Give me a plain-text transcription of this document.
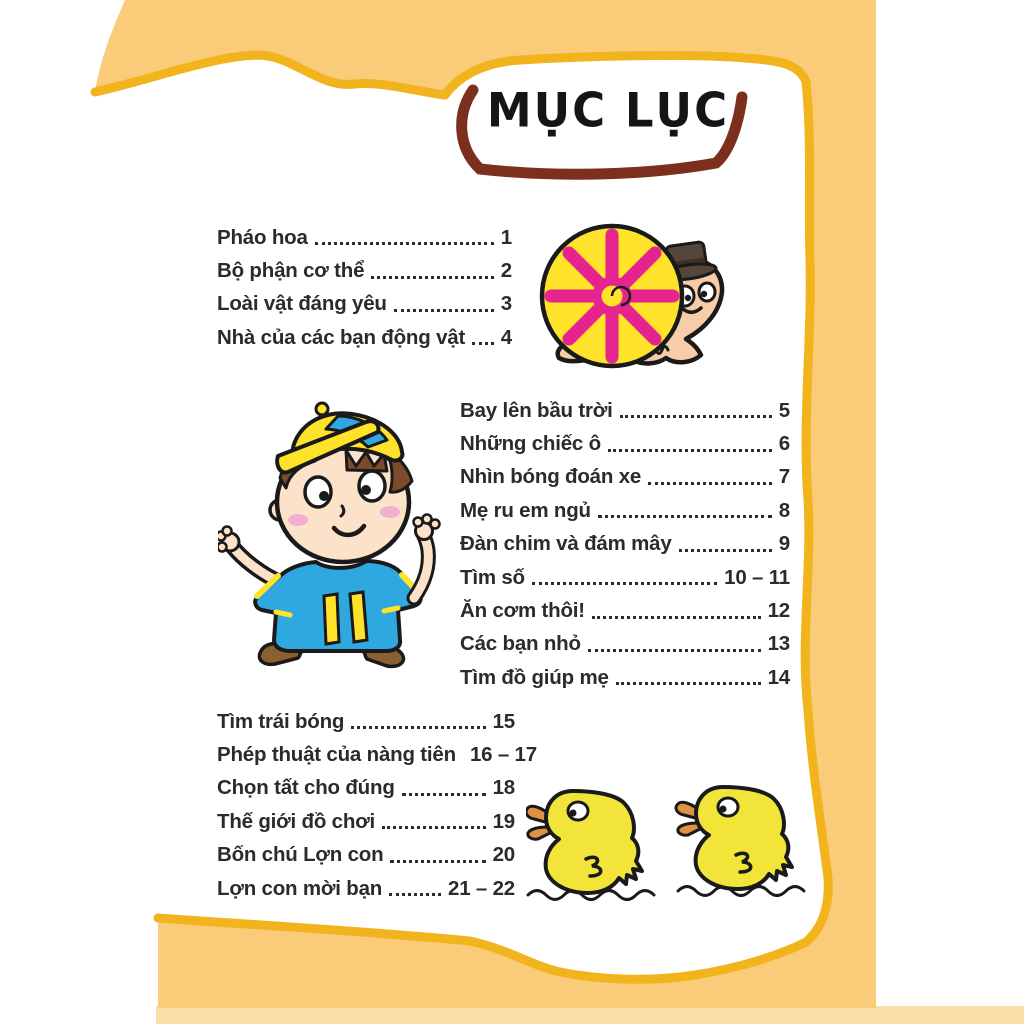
MỤC LỤC
Pháo hoa	1
Bộ phận cơ thể	2
Loài vật đáng yêu	3
Nhà của các bạn động vật 4
Bay lên bầu trời	5
Những chiếc ô	6
Nhìn bóng đoán xe	7
Mẹ ru em ngủ	8
Đàn chim và đám mây	9
Tìm số	10 – 11
Ăn cơm thôi!	12
Các bạn nhỏ	13
Tìm đồ giúp mẹ	14
Tìm trái bóng	15
Phép thuật của nàng tiên 16 – 17
Chọn tất cho đúng	18
Thế giới đồ chơi	19
Bốn chú Lợn con	20
Lợn con mời bạn	21 – 22
